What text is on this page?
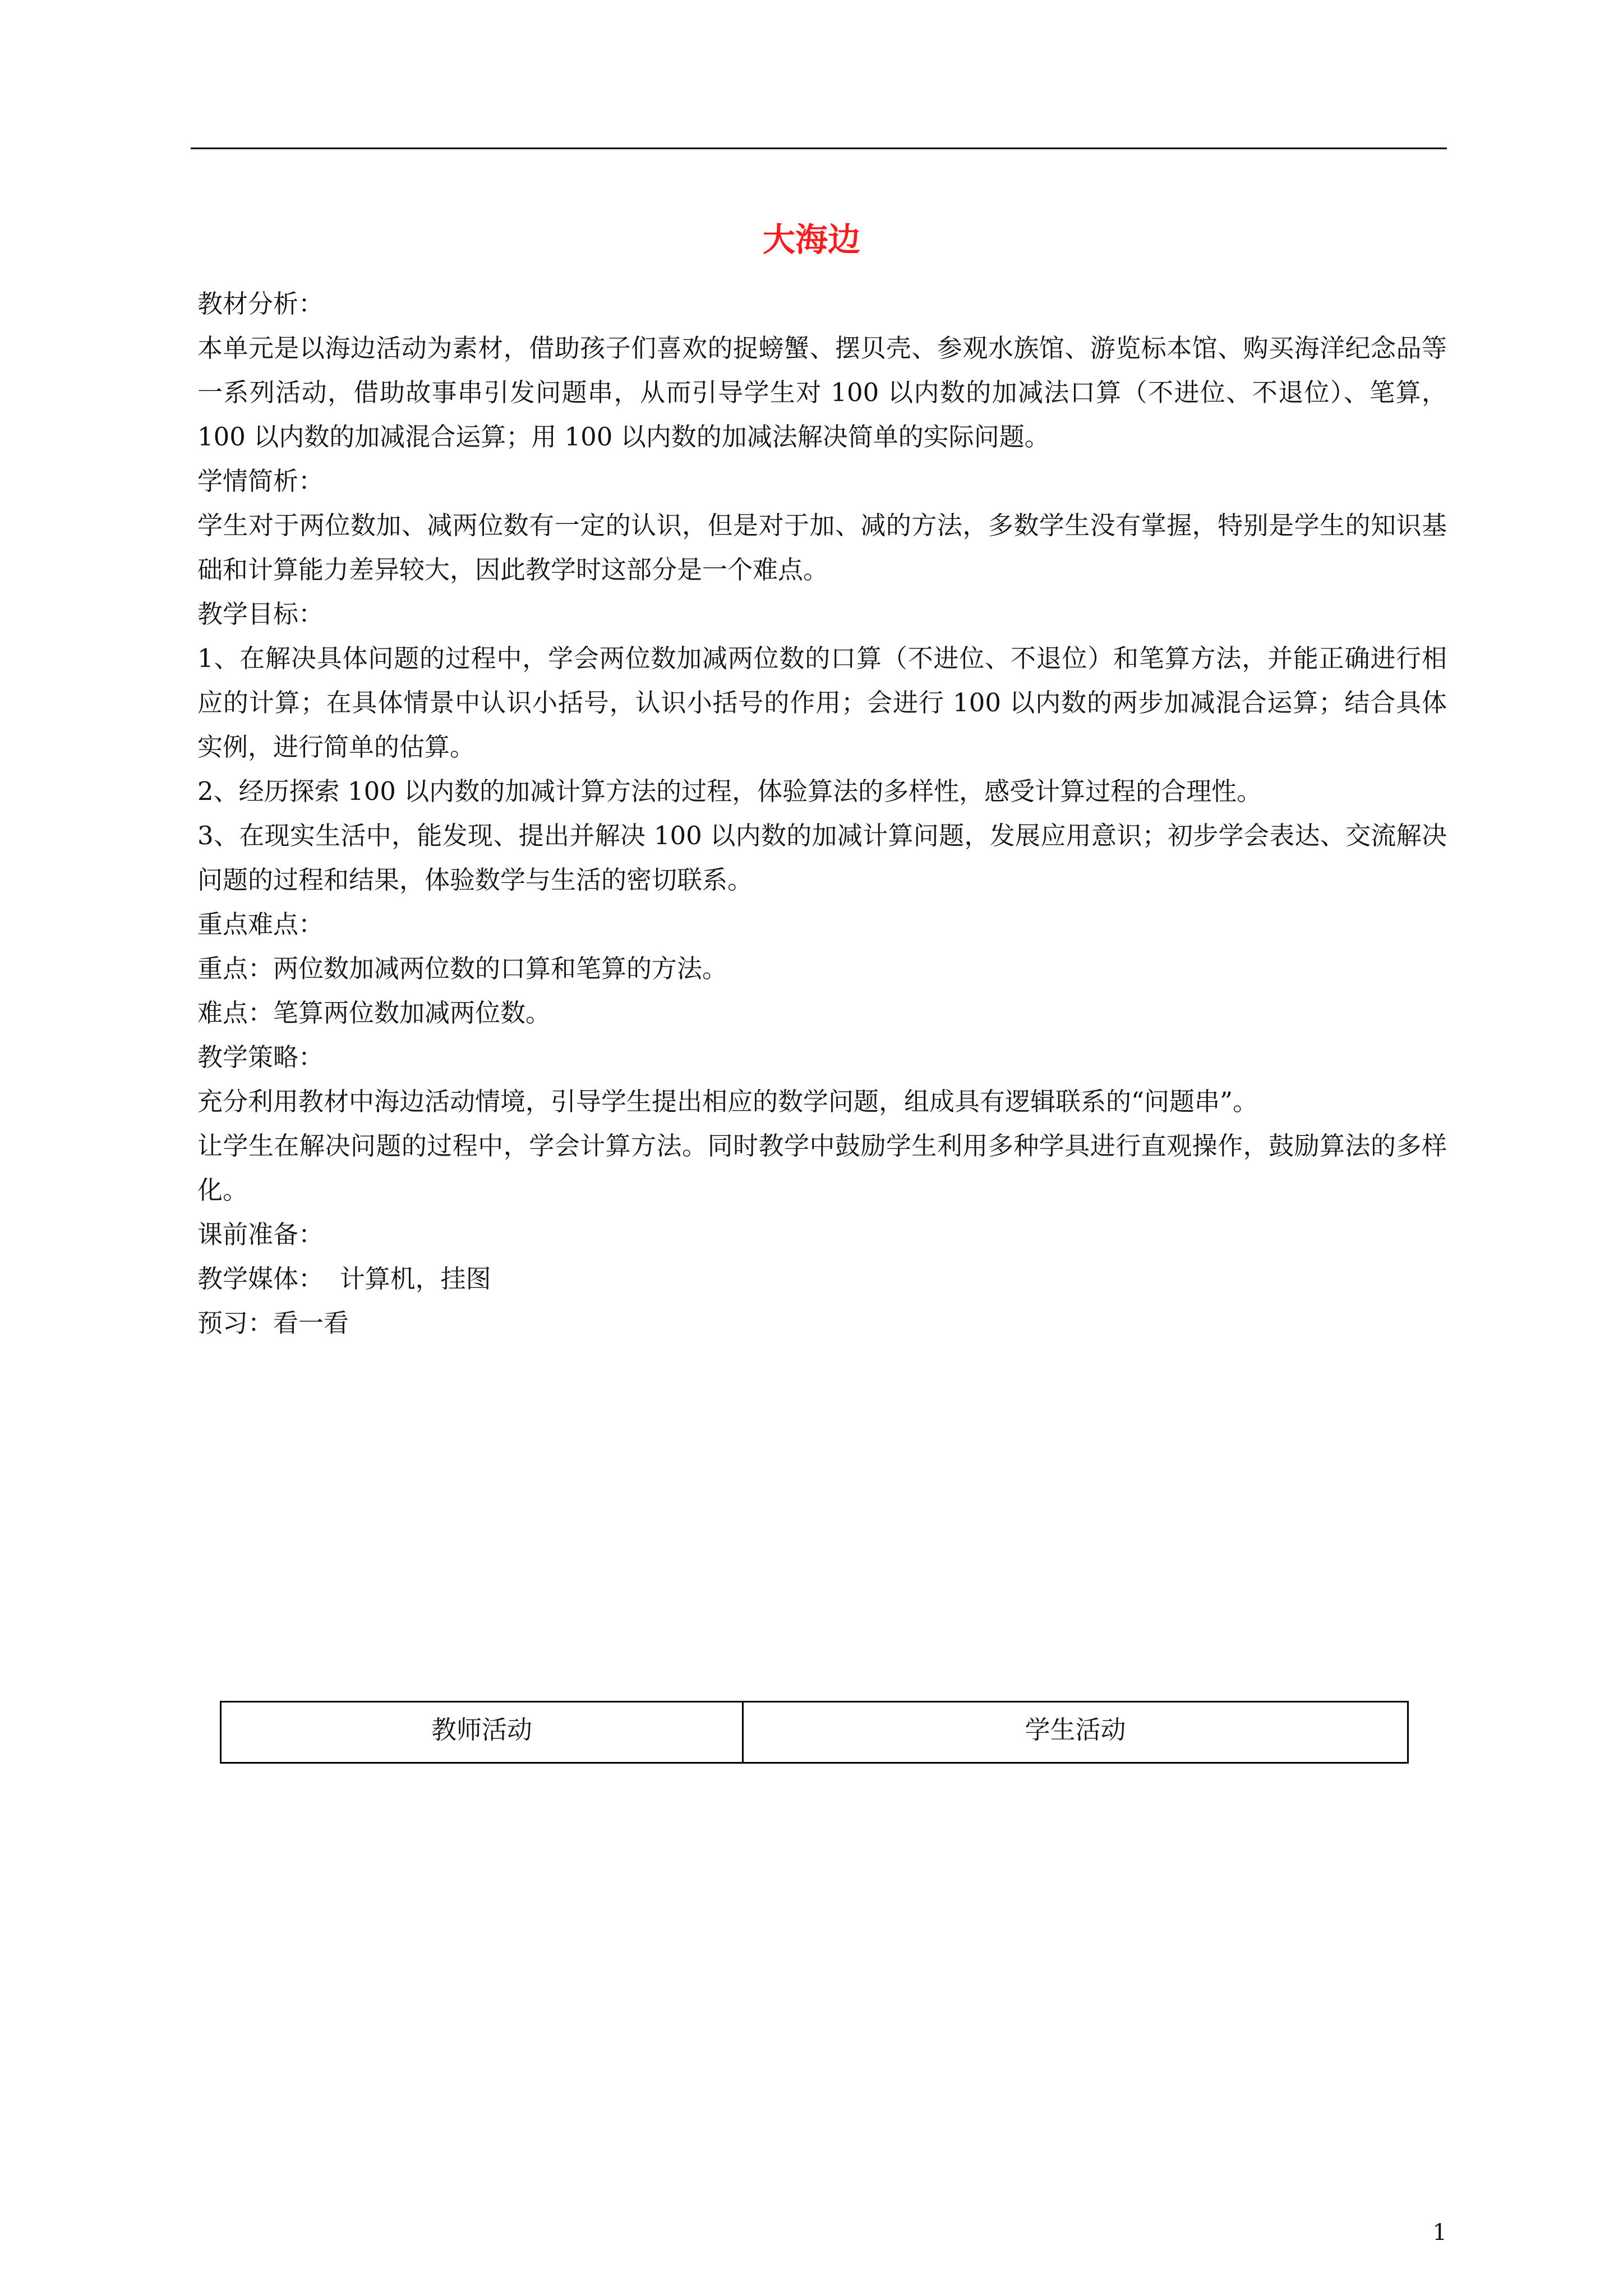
大海边

教材分析：

本单元是以海边活动为素材，借助孩子们喜欢的捉螃蟹、摆贝壳、参观水族馆、游览标本馆、购买海洋纪念品等一系列活动，借助故事串引发问题串，从而引导学生对 100 以内数的加减法口算（不进位、不退位）、笔算，100 以内数的加减混合运算；用 100 以内数的加减法解决简单的实际问题。

学情简析：

学生对于两位数加、减两位数有一定的认识，但是对于加、减的方法，多数学生没有掌握，特别是学生的知识基础和计算能力差异较大，因此教学时这部分是一个难点。

教学目标：

1、在解决具体问题的过程中，学会两位数加减两位数的口算（不进位、不退位）和笔算方法，并能正确进行相应的计算；在具体情景中认识小括号，认识小括号的作用；会进行 100 以内数的两步加减混合运算；结合具体实例，进行简单的估算。

2、经历探索 100 以内数的加减计算方法的过程，体验算法的多样性，感受计算过程的合理性。

3、在现实生活中，能发现、提出并解决 100 以内数的加减计算问题，发展应用意识；初步学会表达、交流解决问题的过程和结果，体验数学与生活的密切联系。

重点难点：

重点：两位数加减两位数的口算和笔算的方法。

难点：笔算两位数加减两位数。

教学策略：

充分利用教材中海边活动情境，引导学生提出相应的数学问题，组成具有逻辑联系的“问题串”。

让学生在解决问题的过程中，学会计算方法。同时教学中鼓励学生利用多种学具进行直观操作，鼓励算法的多样化。

课前准备：

教学媒体：  计算机，挂图

预习：看一看

教师活动	学生活动
1
